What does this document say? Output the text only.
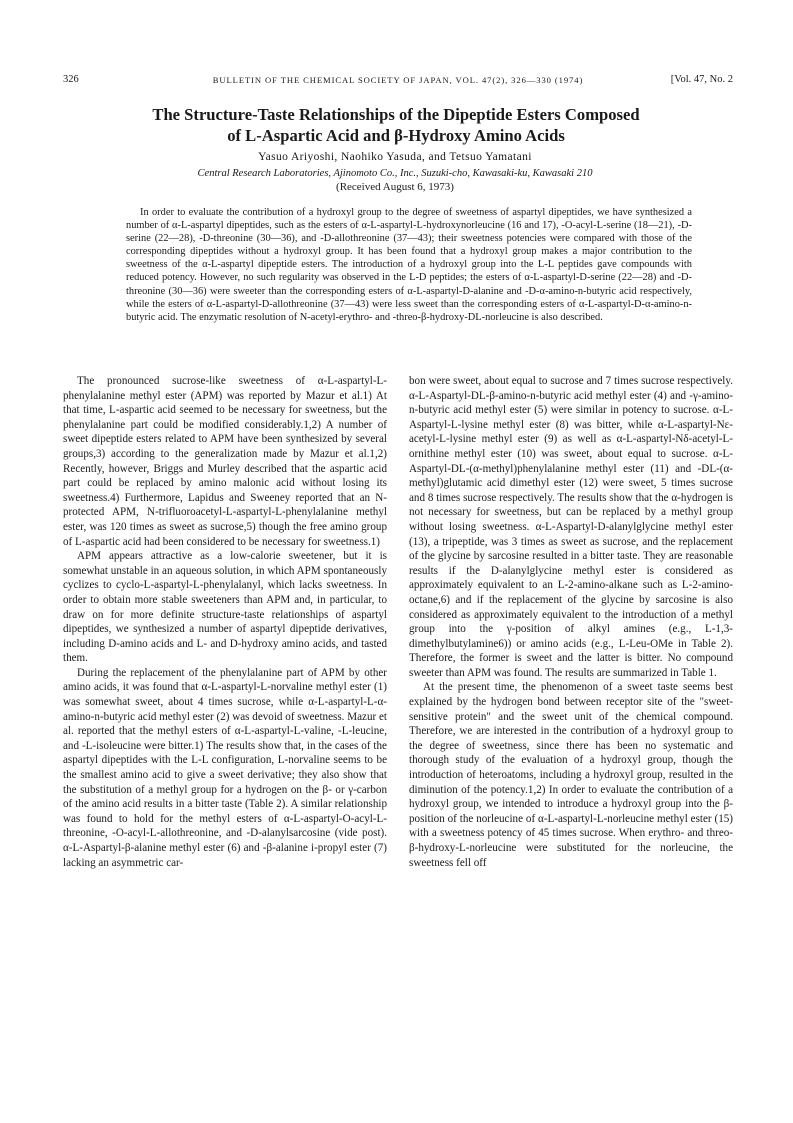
326	BULLETIN OF THE CHEMICAL SOCIETY OF JAPAN, VOL. 47(2), 326—330 (1974)	[Vol. 47, No. 2
The Structure-Taste Relationships of the Dipeptide Esters Composed
of L-Aspartic Acid and β-Hydroxy Amino Acids
Yasuo Ariyoshi, Naohiko Yasuda, and Tetsuo Yamatani
Central Research Laboratories, Ajinomoto Co., Inc., Suzuki-cho, Kawasaki-ku, Kawasaki 210
(Received August 6, 1973)

In order to evaluate the contribution of a hydroxyl group to the degree of sweetness of aspartyl dipeptides, we have synthesized a number of α-L-aspartyl dipeptides, such as the esters of α-L-aspartyl-L-hydroxynorleucine (16 and 17), -O-acyl-L-serine (18—21), -D-serine (22—28), -D-threonine (30—36), and -D-allothreonine (37—43); their sweetness potencies were compared with those of the corresponding dipeptides without a hydroxyl group. It has been found that a hydroxyl group makes a major contribution to the sweetness of the α-L-aspartyl dipeptide esters. The introduction of a hydroxyl group into the L-L peptides gave compounds with reduced potency. However, no such regularity was observed in the L-D peptides; the esters of α-L-aspartyl-D-serine (22—28) and -D-threonine (30—36) were sweeter than the corresponding esters of α-L-aspartyl-D-alanine and -D-α-amino-n-butyric acid respectively, while the esters of α-L-aspartyl-D-allothreonine (37—43) were less sweet than the corresponding esters of α-L-aspartyl-D-α-amino-n-butyric acid. The enzymatic resolution of N-acetyl-erythro- and -threo-β-hydroxy-DL-norleucine is also described.

The pronounced sucrose-like sweetness of α-L-aspartyl-L-phenylalanine methyl ester (APM) was reported by Mazur et al.1) At that time, L-aspartic acid seemed to be necessary for sweetness, but the phenylalanine part could be modified considerably.1,2) A number of sweet dipeptide esters related to APM have been synthesized by several groups,3) according to the generalization made by Mazur et al.1,2) Recently, however, Briggs and Murley described that the aspartic acid part could be replaced by amino malonic acid without losing its sweetness.4) Furthermore, Lapidus and Sweeney reported that an N-protected APM, N-trifluoroacetyl-L-aspartyl-L-phenylalanine methyl ester, was 120 times as sweet as sucrose,5) though the free amino group of L-aspartic acid had been considered to be necessary for sweetness.1)

APM appears attractive as a low-calorie sweetener, but it is somewhat unstable in an aqueous solution, in which APM spontaneously cyclizes to cyclo-L-aspartyl-L-phenylalanyl, which lacks sweetness. In order to obtain more stable sweeteners than APM and, in particular, to draw on for more definite structure-taste relationships of aspartyl dipeptides, we synthesized a number of aspartyl dipeptide derivatives, including D-amino acids and L- and D-hydroxy amino acids, and tasted them.

During the replacement of the phenylalanine part of APM by other amino acids, it was found that α-L-aspartyl-L-norvaline methyl ester (1) was somewhat sweet, about 4 times sucrose, while α-L-aspartyl-L-α-amino-n-butyric acid methyl ester (2) was devoid of sweetness. Mazur et al. reported that the methyl esters of α-L-aspartyl-L-valine, -L-leucine, and -L-isoleucine were bitter.1) The results show that, in the cases of the aspartyl dipeptides with the L-L configuration, L-norvaline seems to be the smallest amino acid to give a sweet derivative; they also show that the substitution of a methyl group for a hydrogen on the β- or γ-carbon of the amino acid results in a bitter taste (Table 2). A similar relationship was found to hold for the methyl esters of α-L-aspartyl-O-acyl-L-threonine, -O-acyl-L-allothreonine, and -D-alanylsarcosine (vide post). α-L-Aspartyl-β-alanine methyl ester (6) and -β-alanine i-propyl ester (7) lacking an asymmetric car-

bon were sweet, about equal to sucrose and 7 times sucrose respectively. α-L-Aspartyl-DL-β-amino-n-butyric acid methyl ester (4) and -γ-amino-n-butyric acid methyl ester (5) were similar in potency to sucrose. α-L-Aspartyl-L-lysine methyl ester (8) was bitter, while α-L-aspartyl-Nε-acetyl-L-lysine methyl ester (9) as well as α-L-aspartyl-Nδ-acetyl-L-ornithine methyl ester (10) was sweet, about equal to sucrose. α-L-Aspartyl-DL-(α-methyl)phenylalanine methyl ester (11) and -DL-(α-methyl)glutamic acid dimethyl ester (12) were sweet, 5 times sucrose and 8 times sucrose respectively. The results show that the α-hydrogen is not necessary for sweetness, but can be replaced by a methyl group without losing sweetness. α-L-Aspartyl-D-alanylglycine methyl ester (13), a tripeptide, was 3 times as sweet as sucrose, and the replacement of the glycine by sarcosine resulted in a bitter taste. They are reasonable results if the D-alanylglycine methyl ester is considered as approximately equivalent to an L-2-amino-alkane such as L-2-amino-octane,6) and if the replacement of the glycine by sarcosine is also considered as approximately equivalent to the introduction of a methyl group into the γ-position of alkyl amines (e.g., L-1,3-dimethylbutylamine6)) or amino acids (e.g., L-Leu-OMe in Table 2). Therefore, the former is sweet and the latter is bitter. No compound sweeter than APM was found. The results are summarized in Table 1.

At the present time, the phenomenon of a sweet taste seems best explained by the hydrogen bond between receptor site of the "sweet-sensitive protein" and the sweet unit of the chemical compound. Therefore, we are interested in the contribution of a hydroxyl group to the degree of sweetness, since there has been no systematic and thorough study of the evaluation of a hydroxyl group, though the introduction of heteroatoms, including a hydroxyl group, resulted in the diminution of the potency.1,2) In order to evaluate the contribution of a hydroxyl group, we intended to introduce a hydroxyl group into the β-position of the norleucine of α-L-aspartyl-L-norleucine methyl ester (15) with a sweetness potency of 45 times sucrose. When erythro- and threo-β-hydroxy-L-norleucine were substituted for the norleucine, the sweetness fell off
